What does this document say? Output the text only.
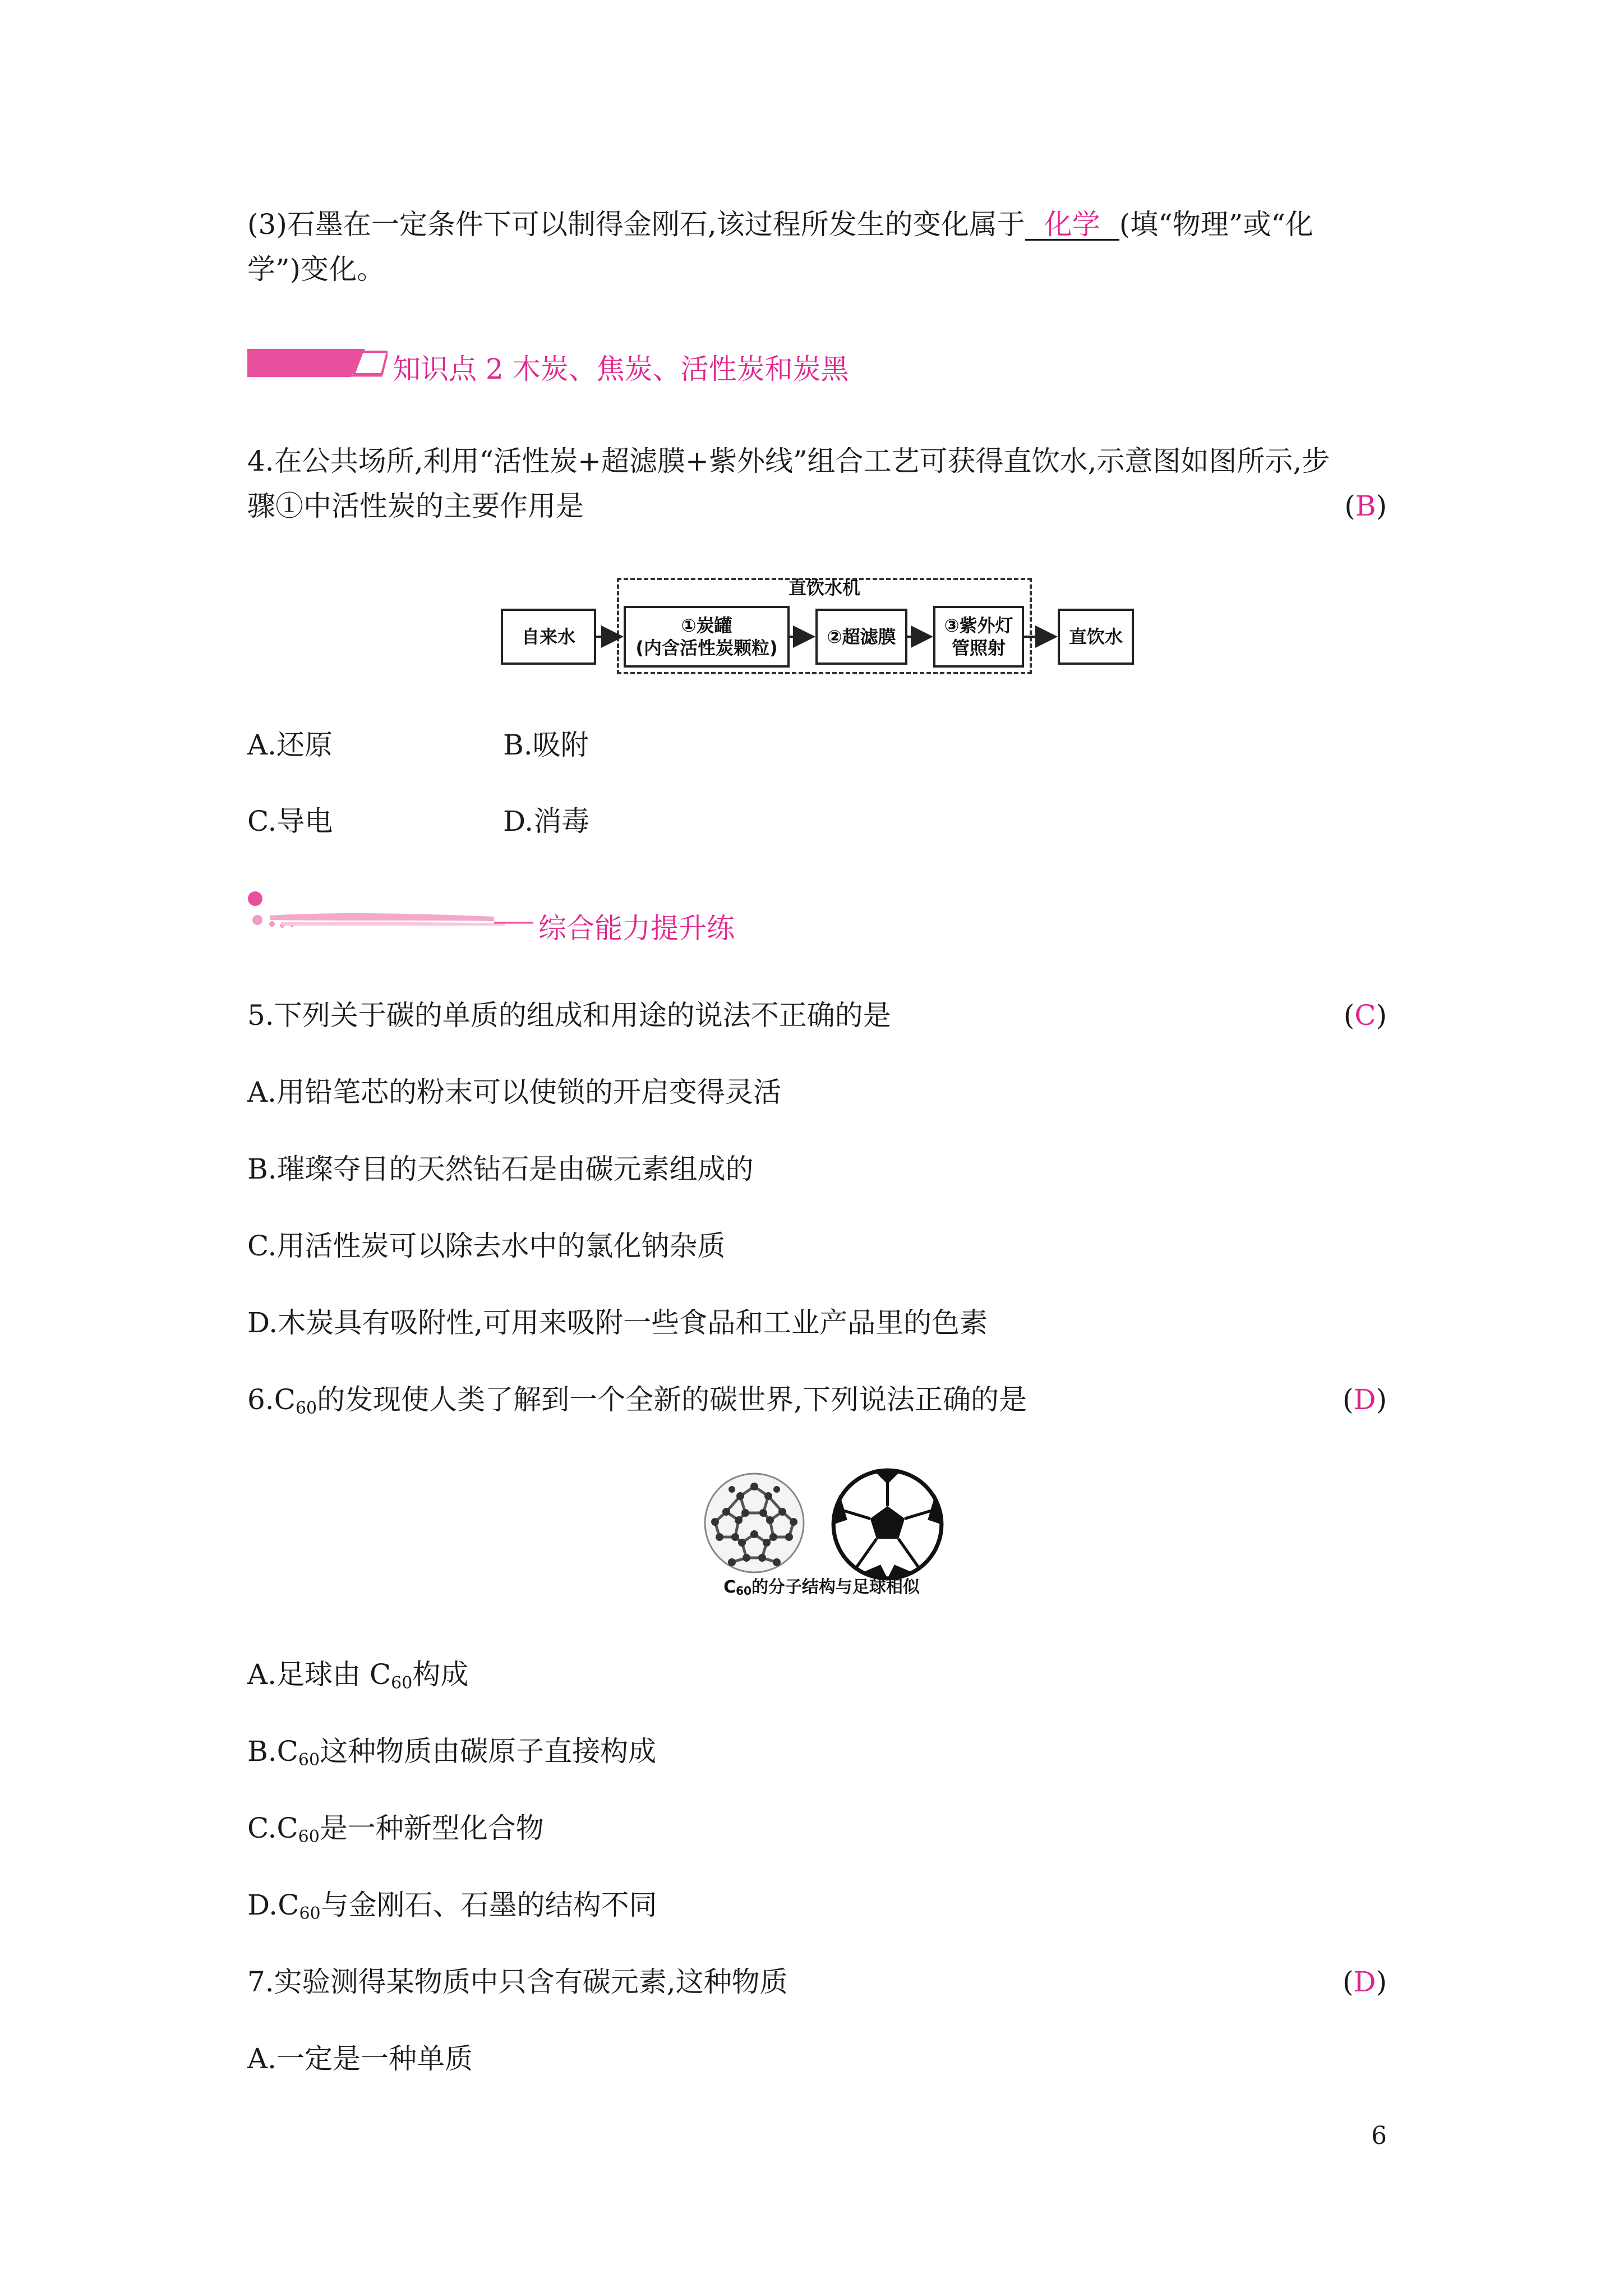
(3)石墨在一定条件下可以制得金刚石,该过程所发生的变化属于 化学 (填“物理”或“化
学”)变化。
知识点 2 木炭、焦炭、活性炭和炭黑
4.在公共场所,利用“活性炭+超滤膜+紫外线”组合工艺可获得直饮水,示意图如图所示,步
骤①中活性炭的主要作用是	(B)
直饮水机
自来水
①炭罐
(内含活性炭颗粒)
②超滤膜
③紫外灯
管照射
直饮水
A.还原	B.吸附
C.导电	D.消毒
综合能力提升练
5.下列关于碳的单质的组成和用途的说法不正确的是	(C)
A.用铅笔芯的粉末可以使锁的开启变得灵活
B.璀璨夺目的天然钻石是由碳元素组成的
C.用活性炭可以除去水中的氯化钠杂质
D.木炭具有吸附性,可用来吸附一些食品和工业产品里的色素
$6.C_{60}$的发现使人类了解到一个全新的碳世界,下列说法正确的是	(D)
$C_{60}$的分子结构与足球相似
A.足球由 $C_{60}$构成
$B.C_{60}$这种物质由碳原子直接构成
$C.C_{60}$是一种新型化合物
$D.C_{60}$与金刚石、石墨的结构不同
7.实验测得某物质中只含有碳元素,这种物质	(D)
A.一定是一种单质
6
